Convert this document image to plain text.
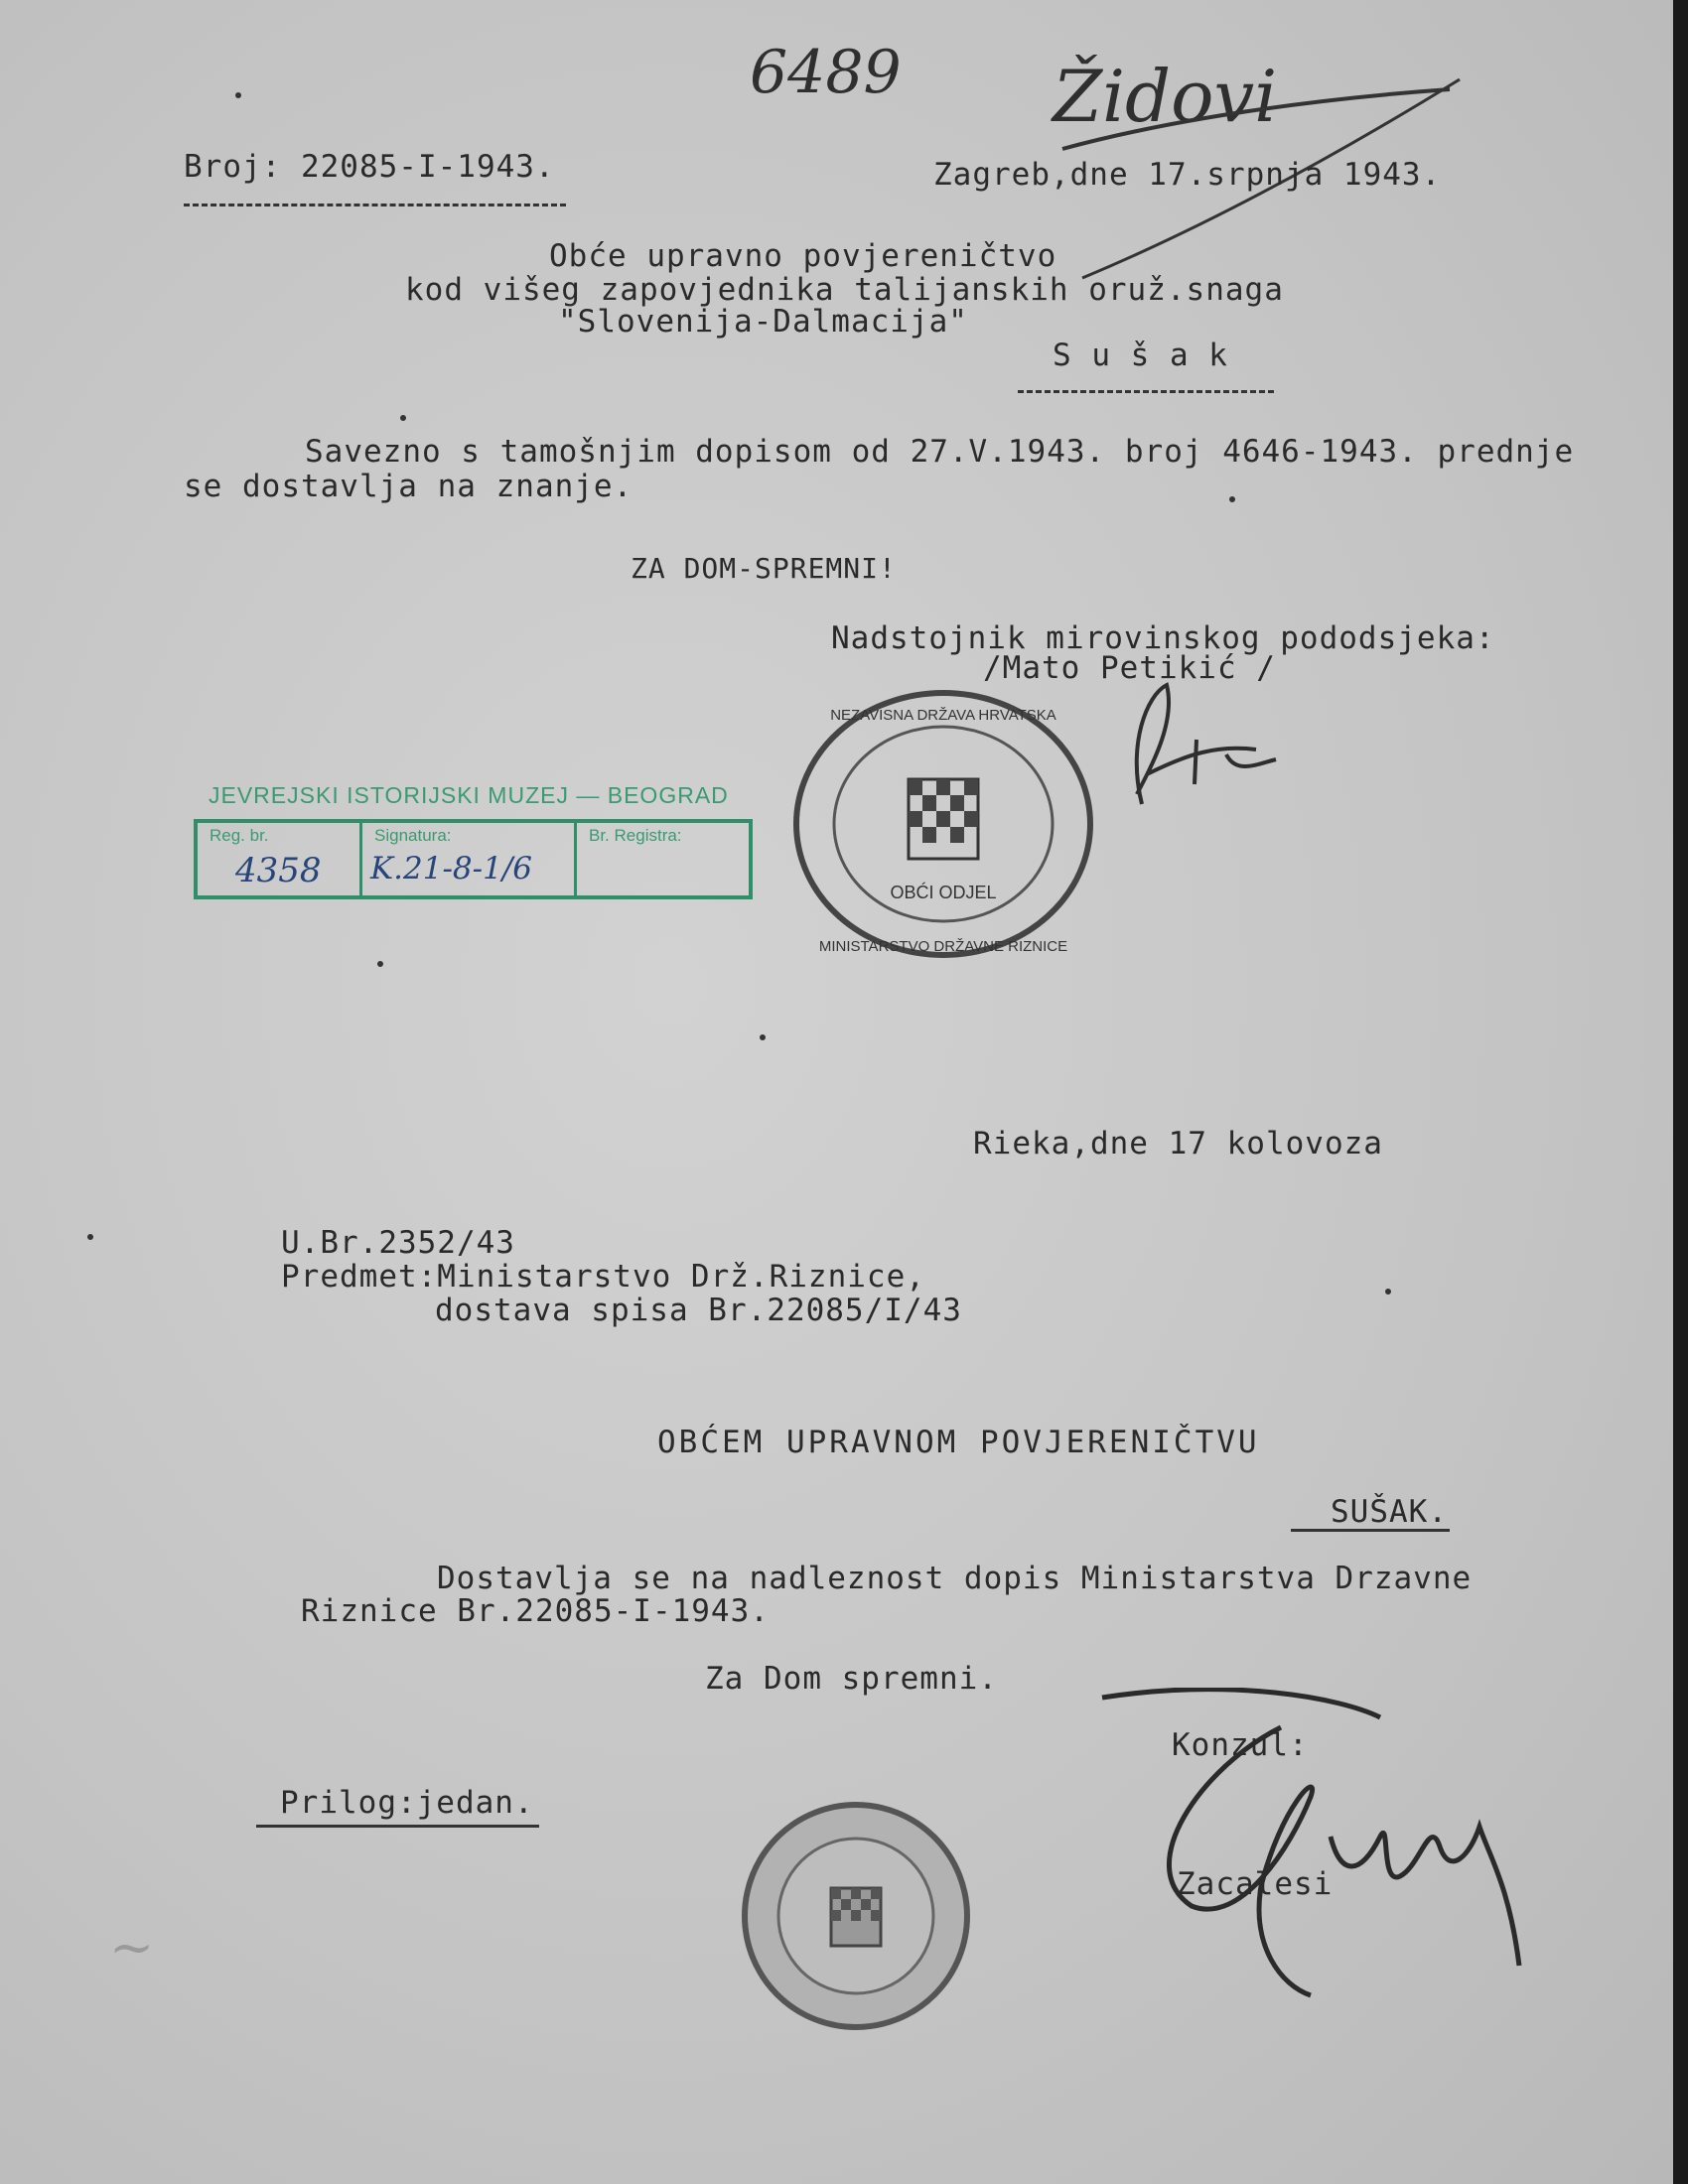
6489 Židovi
Broj: 22085-I-1943.	Zagreb,dne 17.srpnja 1943.
Obće upravno povjereničtvo
kod višeg zapovjednika talijanskih oruž.snaga
"Slovenija-Dalmacija"
S u š a k
Savezno s tamošnjim dopisom od 27.V.1943. broj 4646-1943. prednje
se dostavlja na znanje.
ZA DOM-SPREMNI!
Nadstojnik mirovinskog pododsjeka:
/Mato Petikić /
NEZAVISNA DRŽAVA HRVATSKA
MINISTARSTVO DRŽAVNE RIZNICE
OBĆI ODJEL
JEVREJSKI ISTORIJSKI MUZEJ — BEOGRAD
Reg. br.
4358
Signatura:
K.21-8-1/6
Br. Registra:
Rieka,dne 17 kolovoza
U.Br.2352/43
Predmet:Ministarstvo Drž.Riznice,
dostava spisa Br.22085/I/43
OBĆEM UPRAVNOM POVJERENIČTVU
SUŠAK.
Dostavlja se na nadleznost dopis Ministarstva Drzavne
Riznice Br.22085-I-1943.
Za Dom spremni.
Konzul:
Zacalesi
Prilog:jedan.
~
